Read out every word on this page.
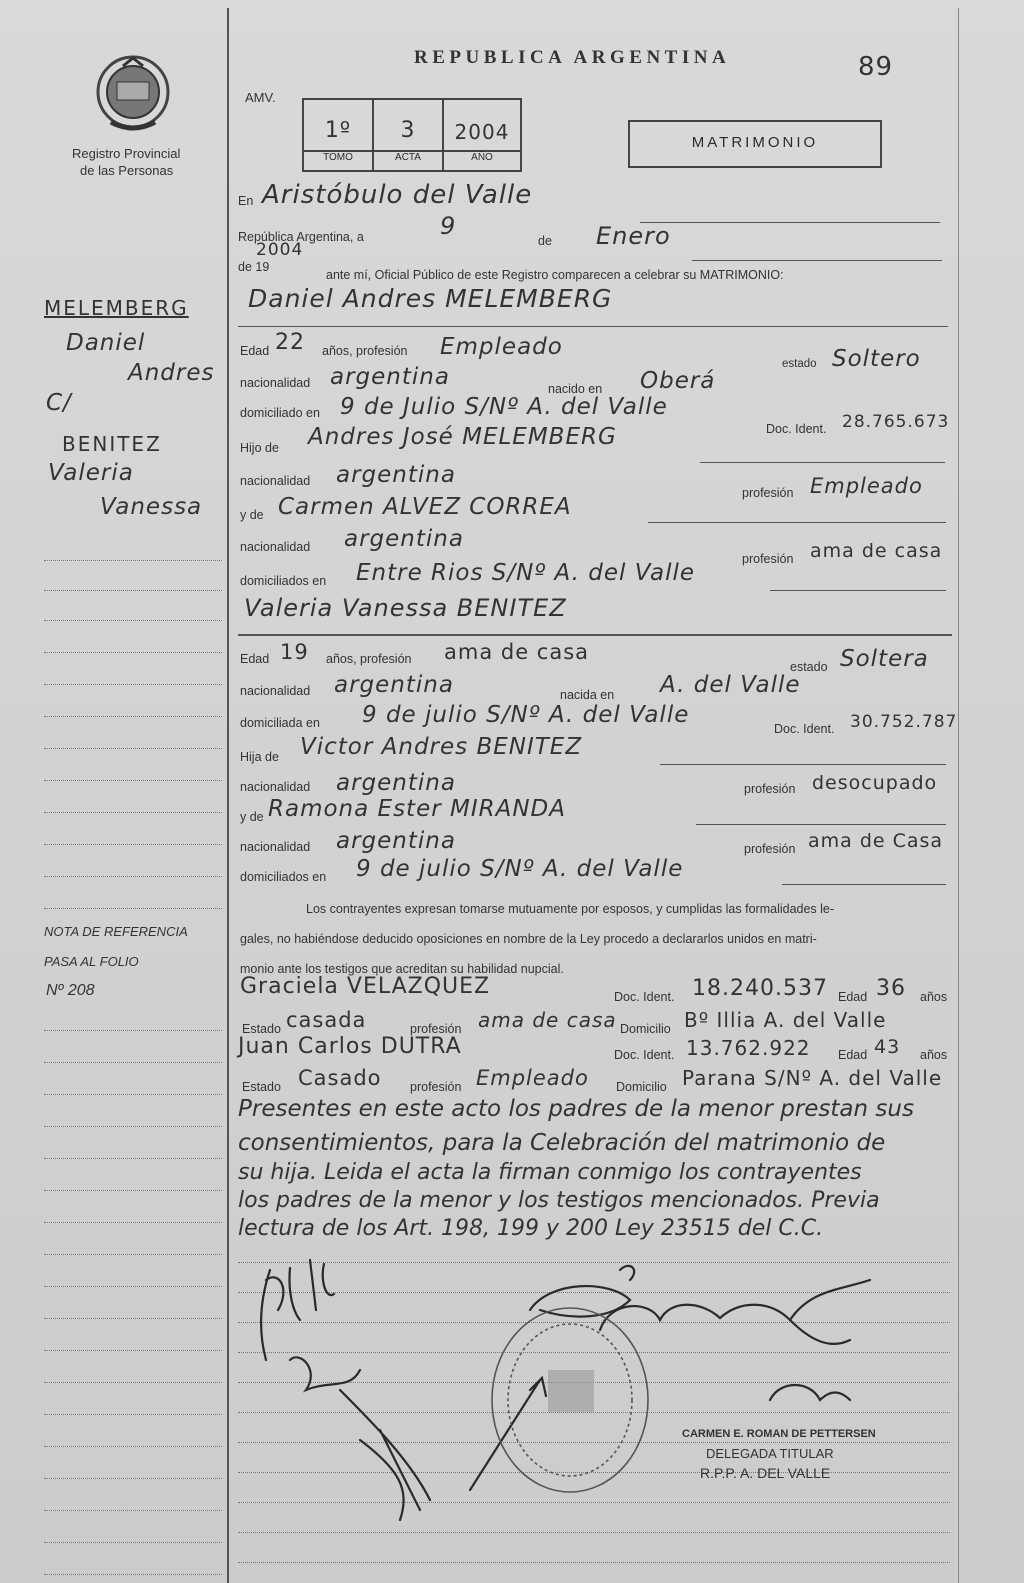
Registro Provincial
de las Personas
REPUBLICA ARGENTINA	89
AMV.
1º	3	2004
TOMO	ACTA	AÑO
MATRIMONIO
En Aristóbulo del Valle
República Argentina, a	9
de Enero
2004
de 19
ante mí, Oficial Público de este Registro comparecen a celebrar su MATRIMONIO:
Daniel Andres MELEMBERG
Edad 22 años, profesión Empleado
estado Soltero
nacionalidad argentina	nacido en Oberá
domiciliado en 9 de Julio S/Nº A. del Valle
Doc. Ident. 28.765.673
Hijo de Andres José MELEMBERG
nacionalidad argentina
profesión Empleado
y de Carmen ALVEZ CORREA
nacionalidad argentina
profesión ama de casa
domiciliados en Entre Rios S/Nº A. del Valle
Valeria Vanessa BENITEZ
Edad 19 años, profesión ama de casa
estado Soltera
nacionalidad argentina	nacida en A. del Valle
domiciliada en 9 de julio S/Nº A. del Valle
Doc. Ident. 30.752.787
Hija de Victor Andres BENITEZ
nacionalidad argentina	profesión desocupado
y de Ramona Ester MIRANDA
nacionalidad argentina	profesión ama de Casa
domiciliados en 9 de julio S/Nº A. del Valle
Los contrayentes expresan tomarse mutuamente por esposos, y cumplidas las formalidades le-
gales, no habiéndose deducido oposiciones en nombre de la Ley procedo a declararlos unidos en matri-
monio ante los testigos que acreditan su habilidad nupcial.
Graciela VELAZQUEZ	Doc. Ident. 18.240.537 Edad 36 años
Estado casada	profesión ama de casa Domicilio Bº Illia A. del Valle
Juan Carlos DUTRA	Doc. Ident. 13.762.922 Edad 43 años
Estado Casado profesión Empleado Domicilio Parana S/Nº A. del Valle
Presentes en este acto los padres de la menor prestan sus
consentimientos, para la Celebración del matrimonio de
su hija. Leida el acta la firman conmigo los contrayentes
los padres de la menor y los testigos mencionados. Previa
lectura de los Art. 198, 199 y 200 Ley 23515 del C.C.
MELEMBERG
Daniel
Andres
C/
BENITEZ
Valeria
Vanessa
NOTA DE REFERENCIA
PASA AL FOLIO
Nº 208
CARMEN E. ROMAN DE PETTERSEN
DELEGADA TITULAR
R.P.P. A. DEL VALLE
